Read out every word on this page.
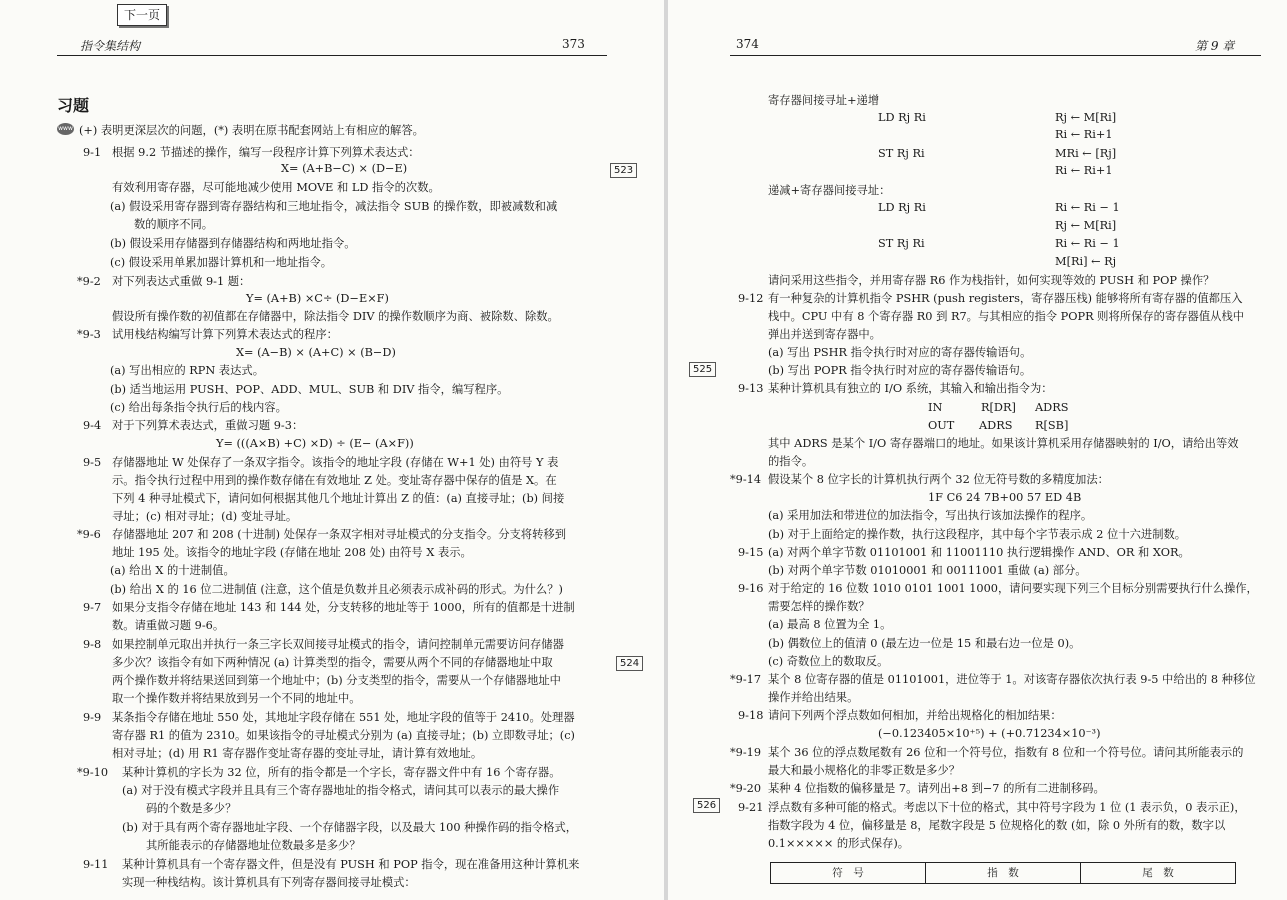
下一页
指令集结构	373
习题
www
374	第 9 章
(+) 表明更深层次的问题，(*) 表明在原书配套网站上有相应的解答。
9-1 根据 9.2 节描述的操作，编写一段程序计算下列算术表达式：
X= (A+B−C) × (D−E)
有效利用寄存器，尽可能地减少使用 MOVE 和 LD 指令的次数。
(a) 假设采用寄存器到寄存器结构和三地址指令，减法指令 SUB 的操作数，即被减数和减
数的顺序不同。
(b) 假设采用存储器到存储器结构和两地址指令。
(c) 假设采用单累加器计算机和一地址指令。
*9-2 对下列表达式重做 9-1 题：
Y= (A+B) ×C÷ (D−E×F)
假设所有操作数的初值都在存储器中，除法指令 DIV 的操作数顺序为商、被除数、除数。
*9-3 试用栈结构编写计算下列算术表达式的程序：
X= (A−B) × (A+C) × (B−D)
(a) 写出相应的 RPN 表达式。
(b) 适当地运用 PUSH、POP、ADD、MUL、SUB 和 DIV 指令，编写程序。
(c) 给出每条指令执行后的栈内容。
9-4 对于下列算术表达式，重做习题 9-3：
Y= (((A×B) +C) ×D) ÷ (E− (A×F))
9-5 存储器地址 W 处保存了一条双字指令。该指令的地址字段 (存储在 W+1 处) 由符号 Y 表
示。指令执行过程中用到的操作数存储在有效地址 Z 处。变址寄存器中保存的值是 X。在
下列 4 种寻址模式下，请问如何根据其他几个地址计算出 Z 的值：(a) 直接寻址；(b) 间接
寻址；(c) 相对寻址；(d) 变址寻址。
*9-6 存储器地址 207 和 208 (十进制) 处保存一条双字相对寻址模式的分支指令。分支将转移到
地址 195 处。该指令的地址字段 (存储在地址 208 处) 由符号 X 表示。
(a) 给出 X 的十进制值。
(b) 给出 X 的 16 位二进制值 (注意，这个值是负数并且必须表示成补码的形式。为什么？)
9-7 如果分支指令存储在地址 143 和 144 处，分支转移的地址等于 1000，所有的值都是十进制
数。请重做习题 9-6。
9-8 如果控制单元取出并执行一条三字长双间接寻址模式的指令，请问控制单元需要访问存储器
多少次？该指令有如下两种情况 (a) 计算类型的指令，需要从两个不同的存储器地址中取
两个操作数并将结果送回到第一个地址中；(b) 分支类型的指令，需要从一个存储器地址中
取一个操作数并将结果放到另一个不同的地址中。
9-9 某条指令存储在地址 550 处，其地址字段存储在 551 处，地址字段的值等于 2410。处理器
寄存器 R1 的值为 2310。如果该指令的寻址模式分别为 (a) 直接寻址；(b) 立即数寻址；(c)
相对寻址；(d) 用 R1 寄存器作变址寄存器的变址寻址，请计算有效地址。
*9-10 某种计算机的字长为 32 位，所有的指令都是一个字长，寄存器文件中有 16 个寄存器。
(a) 对于没有模式字段并且具有三个寄存器地址的指令格式，请问其可以表示的最大操作
码的个数是多少？
(b) 对于具有两个寄存器地址字段、一个存储器字段，以及最大 100 种操作码的指令格式，
其所能表示的存储器地址位数最多是多少？
9-11 某种计算机具有一个寄存器文件，但是没有 PUSH 和 POP 指令，现在准备用这种计算机来
实现一种栈结构。该计算机具有下列寄存器间接寻址模式：
寄存器间接寻址+递增
LD Rj Ri	Rj ← M[Ri]
Ri ← Ri+1
ST Rj Ri	MRi ← [Rj]
Ri ← Ri+1
递减+寄存器间接寻址：
LD Rj Ri	Ri ← Ri − 1
Rj ← M[Ri]
ST Rj Ri	Ri ← Ri − 1
M[Ri] ← Rj
请问采用这些指令，并用寄存器 R6 作为栈指针，如何实现等效的 PUSH 和 POP 操作？
9-12 有一种复杂的计算机指令 PSHR (push registers，寄存器压栈) 能够将所有寄存器的值都压入
栈中。CPU 中有 8 个寄存器 R0 到 R7。与其相应的指令 POPR 则将所保存的寄存器值从栈中
弹出并送到寄存器中。
(a) 写出 PSHR 指令执行时对应的寄存器传输语句。
(b) 写出 POPR 指令执行时对应的寄存器传输语句。
9-13 某种计算机具有独立的 I/O 系统，其输入和输出指令为：
IN	R[DR] ADRS
OUT ADRS R[SB]
其中 ADRS 是某个 I/O 寄存器端口的地址。如果该计算机采用存储器映射的 I/O，请给出等效
的指令。
*9-14 假设某个 8 位字长的计算机执行两个 32 位无符号数的多精度加法：
1F C6 24 7B+00 57 ED 4B
(a) 采用加法和带进位的加法指令，写出执行该加法操作的程序。
(b) 对于上面给定的操作数，执行这段程序，其中每个字节表示成 2 位十六进制数。
9-15 (a) 对两个单字节数 01101001 和 11001110 执行逻辑操作 AND、OR 和 XOR。
(b) 对两个单字节数 01010001 和 00111001 重做 (a) 部分。
9-16 对于给定的 16 位数 1010 0101 1001 1000，请问要实现下列三个目标分别需要执行什么操作，
需要怎样的操作数？
(a) 最高 8 位置为全 1。
(b) 偶数位上的值清 0 (最左边一位是 15 和最右边一位是 0)。
(c) 奇数位上的数取反。
*9-17 某个 8 位寄存器的值是 01101001，进位等于 1。对该寄存器依次执行表 9-5 中给出的 8 种移位
操作并给出结果。
9-18 请问下列两个浮点数如何相加，并给出规格化的相加结果：
(−0.123405×10⁺⁵) + (+0.71234×10⁻³)
*9-19 某个 36 位的浮点数尾数有 26 位和一个符号位，指数有 8 位和一个符号位。请问其所能表示的
最大和最小规格化的非零正数是多少？
*9-20 某种 4 位指数的偏移量是 7。请列出+8 到−7 的所有二进制移码。
9-21 浮点数有多种可能的格式。考虑以下十位的格式，其中符号字段为 1 位 (1 表示负，0 表示正)，
指数字段为 4 位，偏移量是 8，尾数字段是 5 位规格化的数 (如，除 0 外所有的数，数字以
0.1××××× 的形式保存)。
523
524
525
526
符　号	指　数	尾　数
